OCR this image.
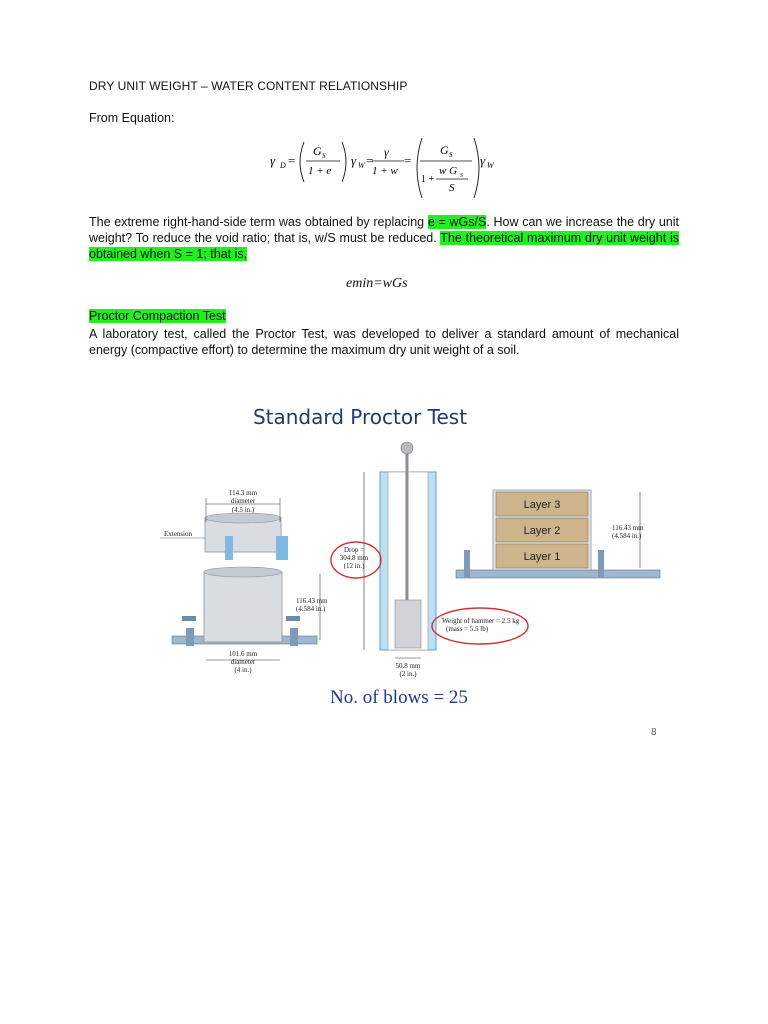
DRY UNIT WEIGHT – WATER CONTENT RELATIONSHIP
From Equation:
γ D =
G S
1 + e
γ W =
γ
1 + w
=
G S
1 +
w G S
S
γ W
The extreme right-hand-side term was obtained by replacing e = wGs/S. How can we increase the dry unit weight? To reduce the void ratio; that is, w/S must be reduced. The theoretical maximum dry unit weight is obtained when S = 1; that is,
emin=wGs
Proctor Compaction Test
A laboratory test, called the Proctor Test, was developed to deliver a standard amount of mechanical energy (compactive effort) to determine the maximum dry unit weight of a soil.
Standard Proctor Test
114.3 mm
diameter
(4.5 in.)
Extension
116.43 mm
(4.584 in.)
101.6 mm
diameter
(4 in.)
Drop =
304.8 mm
(12 in.)
Weight of hammer = 2.5 kg
(mass = 5.5 lb)
50.8 mm
(2 in.)
Layer 3
Layer 2
Layer 1
116.43 mm
(4.584 in.)
No. of blows = 25
8
